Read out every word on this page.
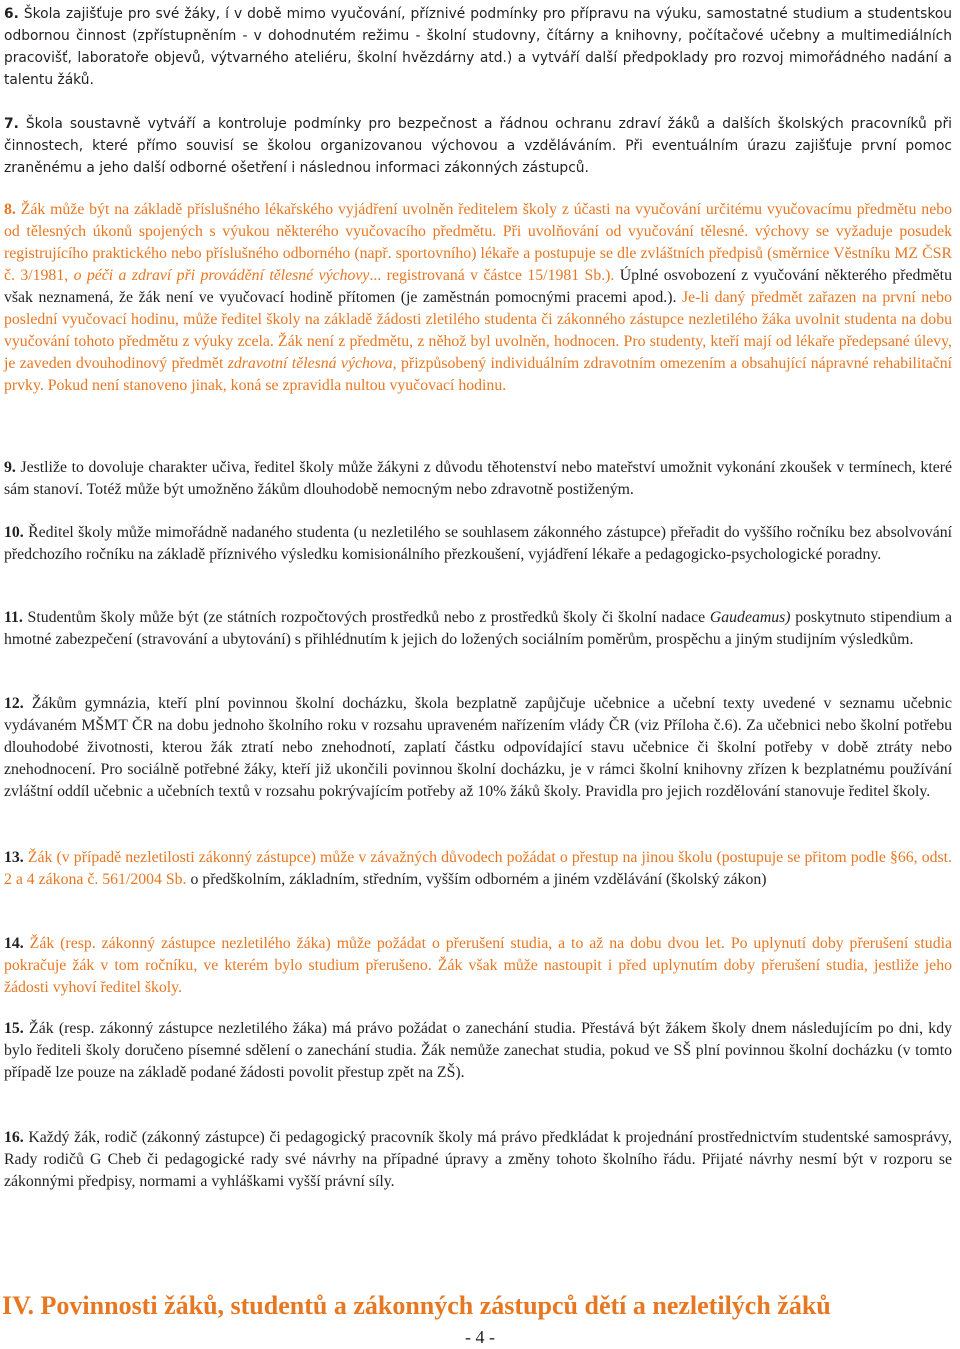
6. Škola zajišťuje pro své žáky, í v době mimo vyučování, příznivé podmínky pro přípravu na výuku, samostatné studium a studentskou odbornou činnost (zpřístupněním - v dohodnutém režimu - školní studovny, čítárny a knihovny, počítačové učebny a multimediálních pracovišť, laboratoře objevů, výtvarného ateliéru, školní hvězdárny atd.) a vytváří další předpoklady pro rozvoj mimořádného nadání a talentu žáků.
7. Škola soustavně vytváří a kontroluje podmínky pro bezpečnost a řádnou ochranu zdraví žáků a dalších školských pracovníků při činnostech, které přímo souvisí se školou organizovanou výchovou a vzděláváním. Při eventuálním úrazu zajišťuje první pomoc zraněnému a jeho další odborné ošetření i následnou informaci zákonných zástupců.
8. Žák může být na základě příslušného lékařského vyjádření uvolněn ředitelem školy z účasti na vyučování určitému vyučovacímu předmětu nebo od tělesných úkonů spojených s výukou některého vyučovacího předmětu. Při uvolňování od vyučování tělesné. výchovy se vyžaduje posudek registrujícího praktického nebo příslušného odborného (např. sportovního) lékaře a postupuje se dle zvláštních předpisů (směrnice Věstníku MZ ČSR č. 3/1981, o péči a zdraví při provádění tělesné výchovy... registrovaná v částce 15/1981 Sb.). Úplné osvobození z vyučování některého předmětu však neznamená, že žák není ve vyučovací hodině přítomen (je zaměstnán pomocnými pracemi apod.). Je-li daný předmět zařazen na první nebo poslední vyučovací hodinu, může ředitel školy na základě žádosti zletilého studenta či zákonného zástupce nezletilého žáka uvolnit studenta na dobu vyučování tohoto předmětu z výuky zcela. Žák není z předmětu, z něhož byl uvolněn, hodnocen. Pro studenty, kteří mají od lékaře předepsané úlevy, je zaveden dvouhodinový předmět zdravotní tělesná výchova, přizpůsobený individuálním zdravotním omezením a obsahující nápravné rehabilitační prvky. Pokud není stanoveno jinak, koná se zpravidla nultou vyučovací hodinu.
9. Jestliže to dovoluje charakter učiva, ředitel školy může žákyni z důvodu těhotenství nebo mateřství umožnit vykonání zkoušek v termínech, které sám stanoví. Totéž může být umožněno žákům dlouhodobě nemocným nebo zdravotně postiženým.
10. Ředitel školy může mimořádně nadaného studenta (u nezletilého se souhlasem zákonného zástupce) přeřadit do vyššího ročníku bez absolvování předchozího ročníku na základě příznivého výsledku komisionálního přezkoušení, vyjádření lékaře a pedagogicko-psychologické poradny.
11. Studentům školy může být (ze státních rozpočtových prostředků nebo z prostředků školy či školní nadace Gaudeamus) poskytnuto stipendium a hmotné zabezpečení (stravování a ubytování) s přihlédnutím k jejich do ložených sociálním poměrům, prospěchu a jiným studijním výsledkům.
12. Žákům gymnázia, kteří plní povinnou školní docházku, škola bezplatně zapůjčuje učebnice a učební texty uvedené v seznamu učebnic vydávaném MŠMT ČR na dobu jednoho školního roku v rozsahu upraveném nařízením vlády ČR (viz Příloha č.6). Za učebnici nebo školní potřebu dlouhodobé životnosti, kterou žák ztratí nebo znehodnotí, zaplatí částku odpovídající stavu učebnice či školní potřeby v době ztráty nebo znehodnocení. Pro sociálně potřebné žáky, kteří již ukončili povinnou školní docházku, je v rámci školní knihovny zřízen k bezplatnému používání zvláštní oddíl učebnic a učebních textů v rozsahu pokrývajícím potřeby až 10% žáků školy. Pravidla pro jejich rozdělování stanovuje ředitel školy.
13. Žák (v případě nezletilosti zákonný zástupce) může v závažných důvodech požádat o přestup na jinou školu (postupuje se přitom podle §66, odst. 2 a 4 zákona č. 561/2004 Sb. o předškolním, základním, středním, vyšším odborném a jiném vzdělávání (školský zákon)
14. Žák (resp. zákonný zástupce nezletilého žáka) může požádat o přerušení studia, a to až na dobu dvou let. Po uplynutí doby přerušení studia pokračuje žák v tom ročníku, ve kterém bylo studium přerušeno. Žák však může nastoupit i před uplynutím doby přerušení studia, jestliže jeho žádosti vyhoví ředitel školy.
15. Žák (resp. zákonný zástupce nezletilého žáka) má právo požádat o zanechání studia. Přestává být žákem školy dnem následujícím po dni, kdy bylo řediteli školy doručeno písemné sdělení o zanechání studia. Žák nemůže zanechat studia, pokud ve SŠ plní povinnou školní docházku (v tomto případě lze pouze na základě podané žádosti povolit přestup zpět na ZŠ).
16. Každý žák, rodič (zákonný zástupce) či pedagogický pracovník školy má právo předkládat k projednání prostřednictvím studentské samosprávy, Rady rodičů G Cheb či pedagogické rady své návrhy na případné úpravy a změny tohoto školního řádu. Přijaté návrhy nesmí být v rozporu se zákonnými předpisy, normami a vyhláškami vyšší právní síly.
IV. Povinnosti žáků, studentů a zákonných zástupců dětí a nezletilých žáků
- 4 -
